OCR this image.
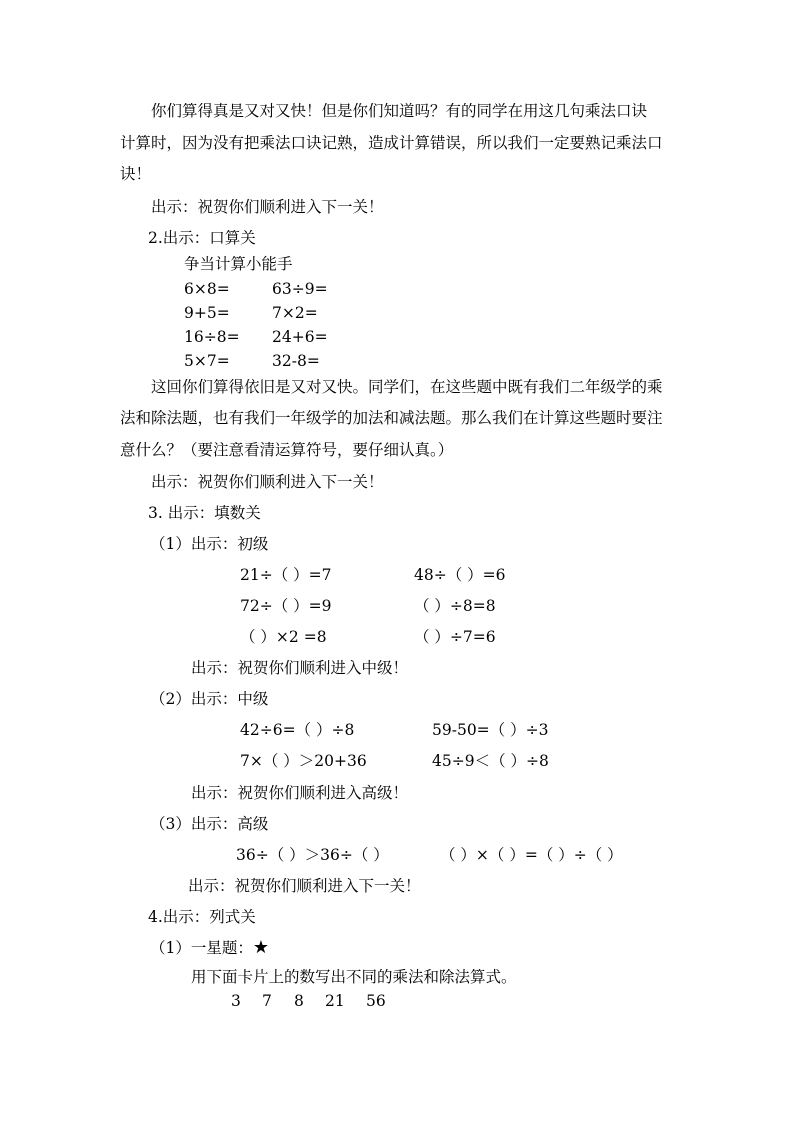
你们算得真是又对又快！但是你们知道吗？有的同学在用这几句乘法口诀
计算时，因为没有把乘法口诀记熟，造成计算错误，所以我们一定要熟记乘法口
诀！
出示：祝贺你们顺利进入下一关！
2.出示：口算关
争当计算小能手
6×8=	63÷9=
9+5=	7×2=
16÷8= 24+6=
5×7=	32-8=
这回你们算得依旧是又对又快。同学们，在这些题中既有我们二年级学的乘
法和除法题，也有我们一年级学的加法和减法题。那么我们在计算这些题时要注
意什么？（要注意看清运算符号，要仔细认真。）
出示：祝贺你们顺利进入下一关！
3. 出示：填数关
（1）出示：初级
21÷（ ）=7	48÷（ ）=6
72÷（ ）=9	（ ）÷8=8
（ ）×2 =8	（ ）÷7=6
出示：祝贺你们顺利进入中级！
（2）出示：中级
42÷6=（ ）÷8	59-50=（ ）÷3
7×（ ）＞20+36	45÷9＜（ ）÷8
出示：祝贺你们顺利进入高级！
（3）出示：高级
36÷（ ）＞36÷（ ）	（ ）×（ ）=（ ）÷（ ）
出示：祝贺你们顺利进入下一关！
4.出示：列式关
（1）一星题：★
用下面卡片上的数写出不同的乘法和除法算式。
3 7 8 21 56
